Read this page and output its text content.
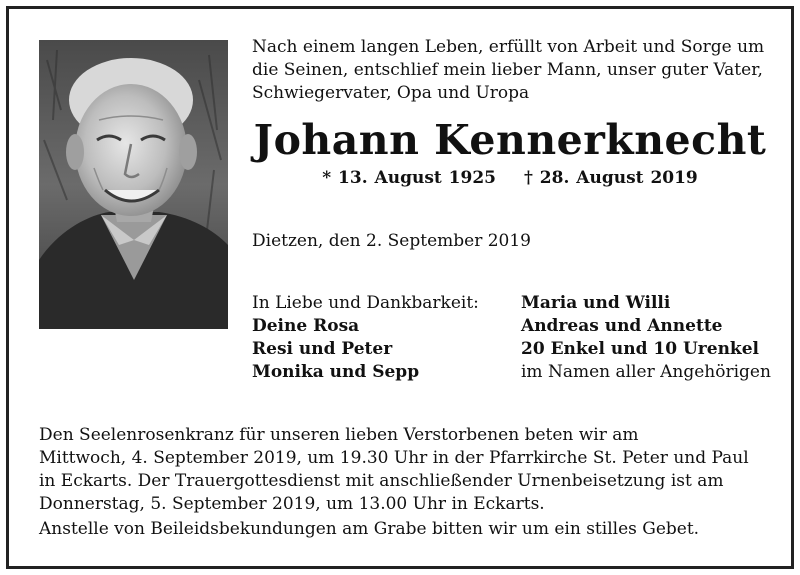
Nach einem langen Leben, erfüllt von Arbeit und Sorge um
die Seinen, entschlief mein lieber Mann, unser guter Vater,
Schwiegervater, Opa und Uropa
Johann Kennerknecht
* 13. August 1925 † 28. August 2019
Dietzen, den 2. September 2019
In Liebe und Dankbarkeit:
Deine Rosa
Resi und Peter
Monika und Sepp
Maria und Willi
Andreas und Annette
20 Enkel und 10 Urenkel
im Namen aller Angehörigen
Den Seelenrosenkranz für unseren lieben Verstorbenen beten wir am
Mittwoch, 4. September 2019, um 19.30 Uhr in der Pfarrkirche St. Peter und Paul
in Eckarts. Der Trauergottesdienst mit anschließender Urnenbeisetzung ist am
Donnerstag, 5. September 2019, um 13.00 Uhr in Eckarts.
Anstelle von Beileidsbekundungen am Grabe bitten wir um ein stilles Gebet.
